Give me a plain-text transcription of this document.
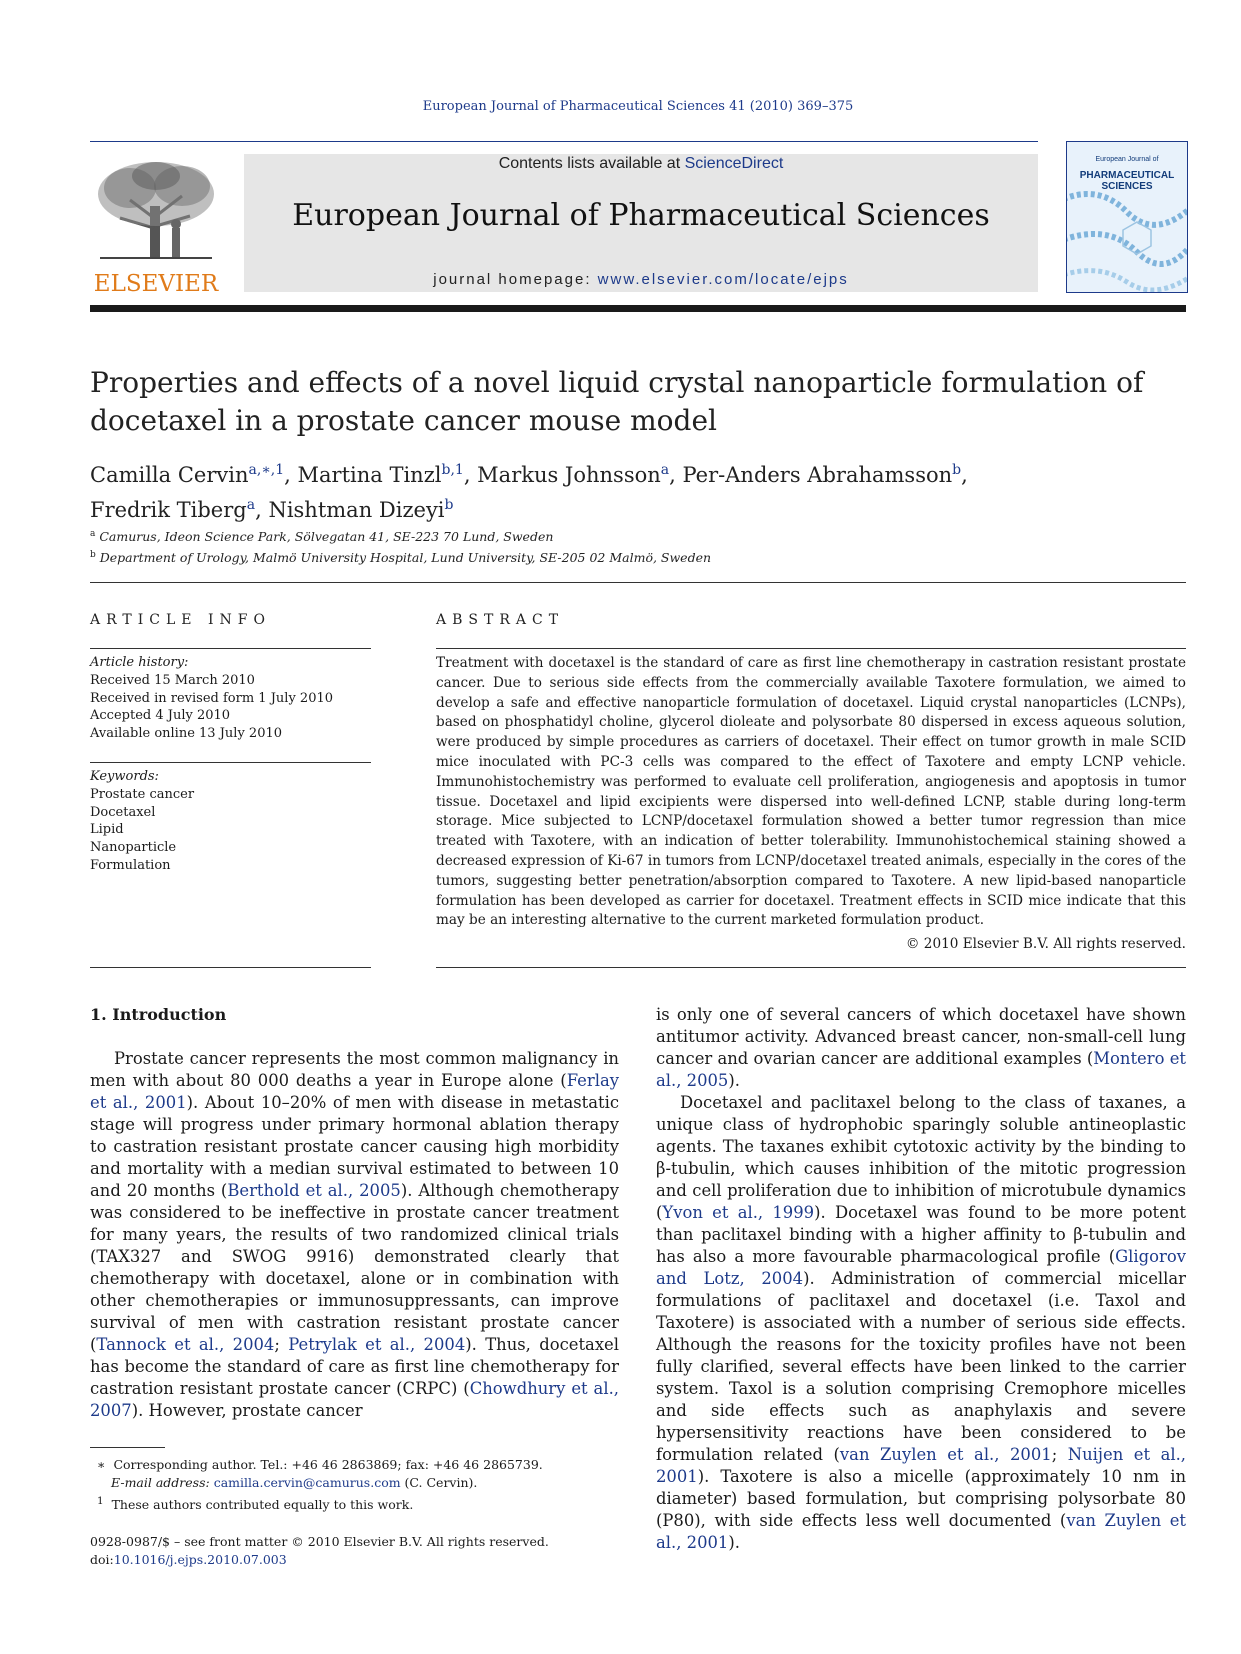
European Journal of Pharmaceutical Sciences 41 (2010) 369–375
ELSEVIER
Contents lists available at ScienceDirect
European Journal of Pharmaceutical Sciences
journal homepage: www.elsevier.com/locate/ejps
European Journal of
PHARMACEUTICAL
SCIENCES
Properties and effects of a novel liquid crystal nanoparticle formulation of docetaxel in a prostate cancer mouse model
Camilla Cervin$^{a,∗,1}$, Martina Tinzl$^{b,1}$, Markus Johnsson$^a$, Per-Anders Abrahamsson$^b$,
Fredrik Tiberg$^a$, Nishtman Dizeyi$^b$
$^a$ Camurus, Ideon Science Park, Sölvegatan 41, SE-223 70 Lund, Sweden
$^b$ Department of Urology, Malmö University Hospital, Lund University, SE-205 02 Malmö, Sweden
ARTICLE INFO	ABSTRACT
Article history:
Received 15 March 2010
Received in revised form 1 July 2010
Accepted 4 July 2010
Available online 13 July 2010
Keywords:
Prostate cancer
Docetaxel
Lipid
Nanoparticle
Formulation
Treatment with docetaxel is the standard of care as first line chemotherapy in castration resistant prostate cancer. Due to serious side effects from the commercially available Taxotere formulation, we aimed to develop a safe and effective nanoparticle formulation of docetaxel. Liquid crystal nanoparticles (LCNPs), based on phosphatidyl choline, glycerol dioleate and polysorbate 80 dispersed in excess aqueous solution, were produced by simple procedures as carriers of docetaxel. Their effect on tumor growth in male SCID mice inoculated with PC-3 cells was compared to the effect of Taxotere and empty LCNP vehicle. Immunohistochemistry was performed to evaluate cell proliferation, angiogenesis and apoptosis in tumor tissue. Docetaxel and lipid excipients were dispersed into well-defined LCNP, stable during long-term storage. Mice subjected to LCNP/docetaxel formulation showed a better tumor regression than mice treated with Taxotere, with an indication of better tolerability. Immunohistochemical staining showed a decreased expression of Ki-67 in tumors from LCNP/docetaxel treated animals, especially in the cores of the tumors, suggesting better penetration/absorption compared to Taxotere. A new lipid-based nanoparticle formulation has been developed as carrier for docetaxel. Treatment effects in SCID mice indicate that this may be an interesting alternative to the current marketed formulation product.
© 2010 Elsevier B.V. All rights reserved.
1. Introduction
Prostate cancer represents the most common malignancy in men with about 80 000 deaths a year in Europe alone (Ferlay et al., 2001). About 10–20% of men with disease in metastatic stage will progress under primary hormonal ablation therapy to castration resistant prostate cancer causing high morbidity and mortality with a median survival estimated to between 10 and 20 months (Berthold et al., 2005). Although chemotherapy was considered to be ineffective in prostate cancer treatment for many years, the results of two randomized clinical trials (TAX327 and SWOG 9916) demonstrated clearly that chemotherapy with docetaxel, alone or in combination with other chemotherapies or immunosuppressants, can improve survival of men with castration resistant prostate cancer (Tannock et al., 2004; Petrylak et al., 2004). Thus, docetaxel has become the standard of care as first line chemotherapy for castration resistant prostate cancer (CRPC) (Chowdhury et al., 2007). However, prostate cancer

is only one of several cancers of which docetaxel have shown antitumor activity. Advanced breast cancer, non-small-cell lung cancer and ovarian cancer are additional examples (Montero et al., 2005).

Docetaxel and paclitaxel belong to the class of taxanes, a unique class of hydrophobic sparingly soluble antineoplastic agents. The taxanes exhibit cytotoxic activity by the binding to β-tubulin, which causes inhibition of the mitotic progression and cell proliferation due to inhibition of microtubule dynamics (Yvon et al., 1999). Docetaxel was found to be more potent than paclitaxel binding with a higher affinity to β-tubulin and has also a more favourable pharmacological profile (Gligorov and Lotz, 2004). Administration of commercial micellar formulations of paclitaxel and docetaxel (i.e. Taxol and Taxotere) is associated with a number of serious side effects. Although the reasons for the toxicity profiles have not been fully clarified, several effects have been linked to the carrier system. Taxol is a solution comprising Cremophore micelles and side effects such as anaphylaxis and severe hypersensitivity reactions have been considered to be formulation related (van Zuylen et al., 2001; Nuijen et al., 2001). Taxotere is also a micelle (approximately 10 nm in diameter) based formulation, but comprising polysorbate 80 (P80), with side effects less well documented (van Zuylen et al., 2001).

∗ Corresponding author. Tel.: +46 46 2863869; fax: +46 46 2865739.
E-mail address: camilla.cervin@camurus.com (C. Cervin).
$^1$ These authors contributed equally to this work.
0928-0987/$ – see front matter © 2010 Elsevier B.V. All rights reserved.
doi:10.1016/j.ejps.2010.07.003
